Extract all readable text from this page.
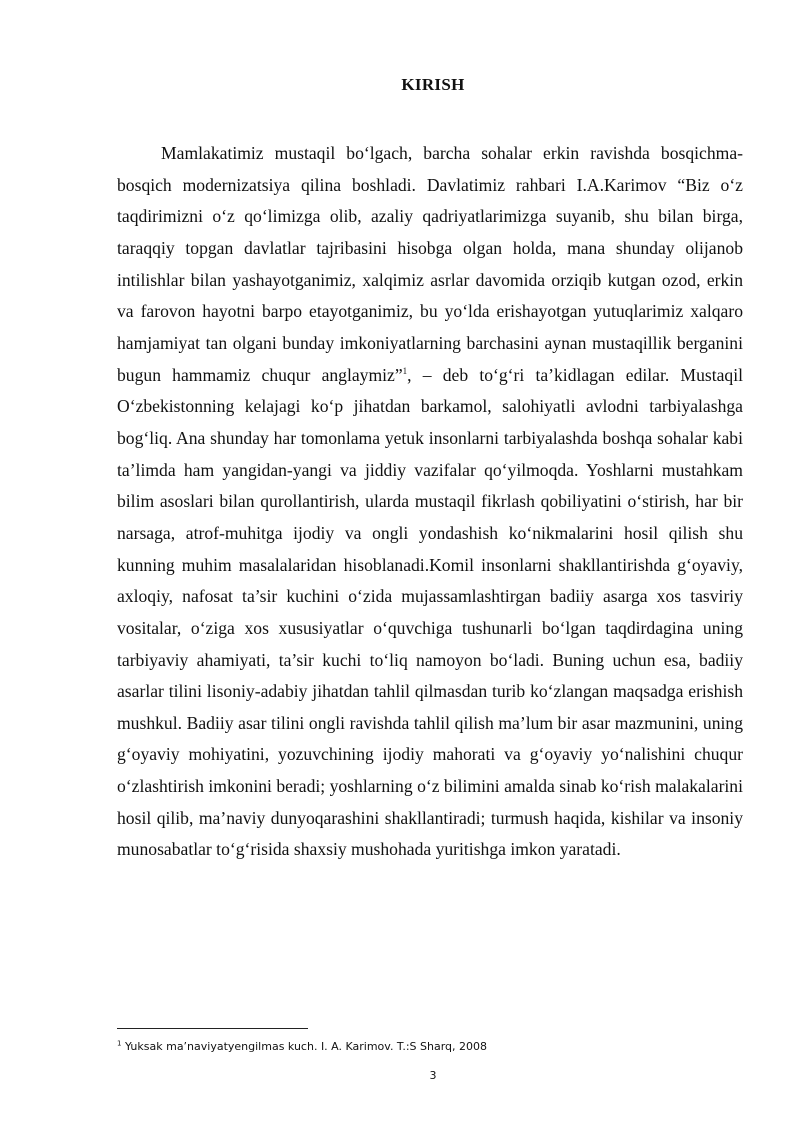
KIRISH

Mamlakatimiz mustaqil bo‘lgach, barcha sohalar erkin ravishda bosqichma-bosqich modernizatsiya qilina boshladi. Davlatimiz rahbari I.A.Karimov “Biz o‘z taqdirimizni o‘z qo‘limizga olib, azaliy qadriyatlarimizga suyanib, shu bilan birga, taraqqiy topgan davlatlar tajribasini hisobga olgan holda, mana shunday olijanob intilishlar bilan yashayotganimiz, xalqimiz asrlar davomida orziqib kutgan ozod, erkin va farovon hayotni barpo etayotganimiz, bu yo‘lda erishayotgan yutuqlarimiz xalqaro hamjamiyat tan olgani bunday imkoniyatlarning barchasini aynan mustaqillik berganini bugun hammamiz chuqur anglaymiz”$^1$, – deb to‘g‘ri ta’kidlagan edilar. Mustaqil O‘zbekistonning kelajagi ko‘p jihatdan barkamol, salohiyatli avlodni tarbiyalashga bog‘liq. Ana shunday har tomonlama yetuk insonlarni tarbiyalashda boshqa sohalar kabi ta’limda ham yangidan-yangi va jiddiy vazifalar qo‘yilmoqda. Yoshlarni mustahkam bilim asoslari bilan qurollantirish, ularda mustaqil fikrlash qobiliyatini o‘stirish, har bir narsaga, atrof-muhitga ijodiy va ongli yondashish ko‘nikmalarini hosil qilish shu kunning muhim masalalaridan hisoblanadi.Komil insonlarni shakllantirishda g‘oyaviy, axloqiy, nafosat ta’sir kuchini o‘zida mujassamlashtirgan badiiy asarga xos tasviriy vositalar, o‘ziga xos xususiyatlar o‘quvchiga tushunarli bo‘lgan taqdirdagina uning tarbiyaviy ahamiyati, ta’sir kuchi to‘liq namoyon bo‘ladi. Buning uchun esa, badiiy asarlar tilini lisoniy-adabiy jihatdan tahlil qilmasdan turib ko‘zlangan maqsadga erishish mushkul. Badiiy asar tilini ongli ravishda tahlil qilish ma’lum bir asar mazmunini, uning g‘oyaviy mohiyatini, yozuvchining ijodiy mahorati va g‘oyaviy yo‘nalishini chuqur o‘zlashtirish imkonini beradi; yoshlarning o‘z bilimini amalda sinab ko‘rish malakalarini hosil qilib, ma’naviy dunyoqarashini shakllantiradi; turmush haqida, kishilar va insoniy munosabatlar to‘g‘risida shaxsiy mushohada yuritishga imkon yaratadi.

$^1$ Yuksak ma’naviyatyengilmas kuch. I. A. Karimov. T.:S Sharq, 2008
3
